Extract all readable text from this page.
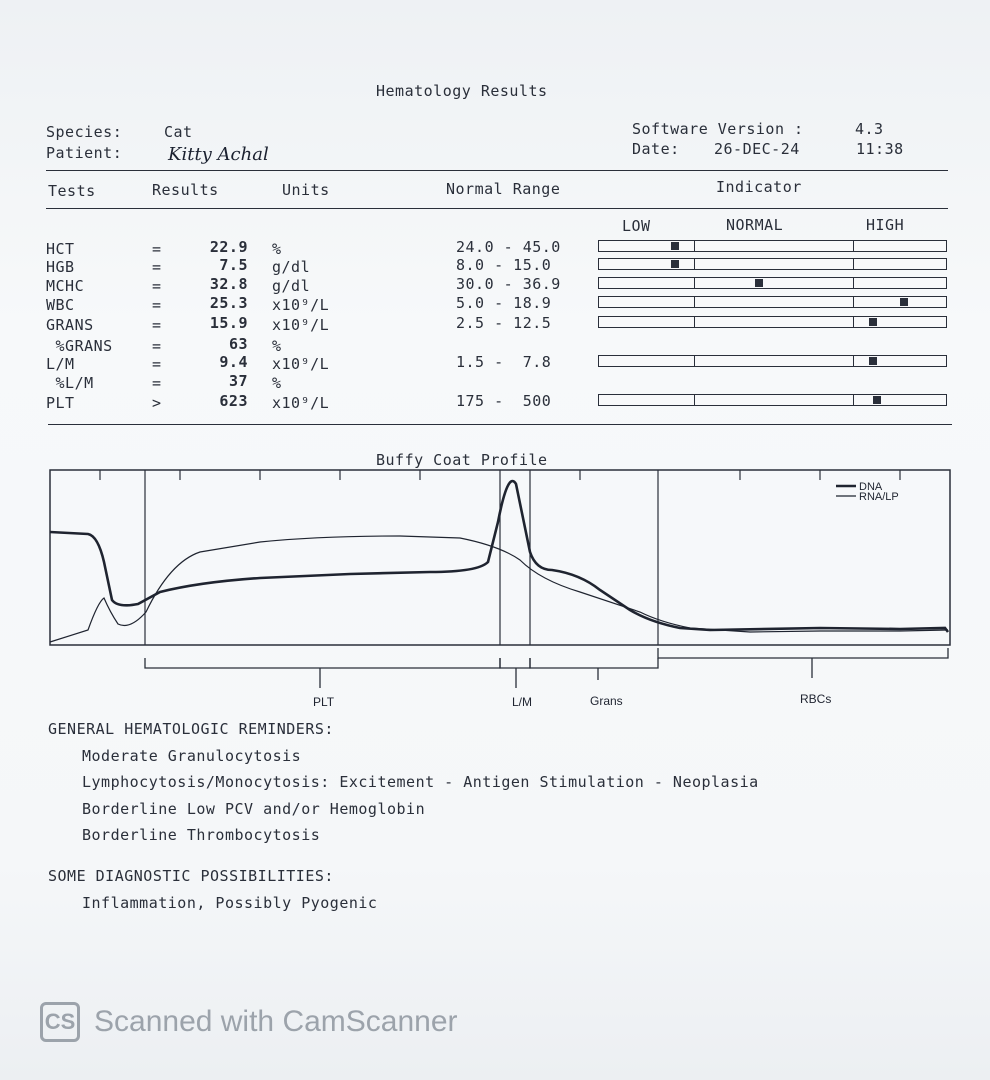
Hematology Results
Species:	Cat
Patient:	Kitty Achal
Software Version :	4.3
Date: 26-DEC-24	11:38
Tests	Results	Units	Normal Range	Indicator
LOW	NORMAL	HIGH
HCT	=	22.9 %	24.0 - 45.0
HGB	=	7.5 g/dl	8.0 - 15.0
MCHC	=	32.8 g/dl	30.0 - 36.9
WBC	=	25.3 x10⁹/L	5.0 - 18.9
GRANS	=	15.9 x10⁹/L	2.5 - 12.5
%GRANS	=	63 %
L/M	=	9.4 x10⁹/L	1.5 -  7.8
%L/M	=	37 %
PLT	>	623 x10⁹/L	175 -  500
Buffy Coat Profile
DNA
RNA/LP
PLT	L/M	Grans	RBCs
GENERAL HEMATOLOGIC REMINDERS:
Moderate Granulocytosis
Lymphocytosis/Monocytosis: Excitement - Antigen Stimulation - Neoplasia
Borderline Low PCV and/or Hemoglobin
Borderline Thrombocytosis
SOME DIAGNOSTIC POSSIBILITIES:
Inflammation, Possibly Pyogenic
CS Scanned with CamScanner
